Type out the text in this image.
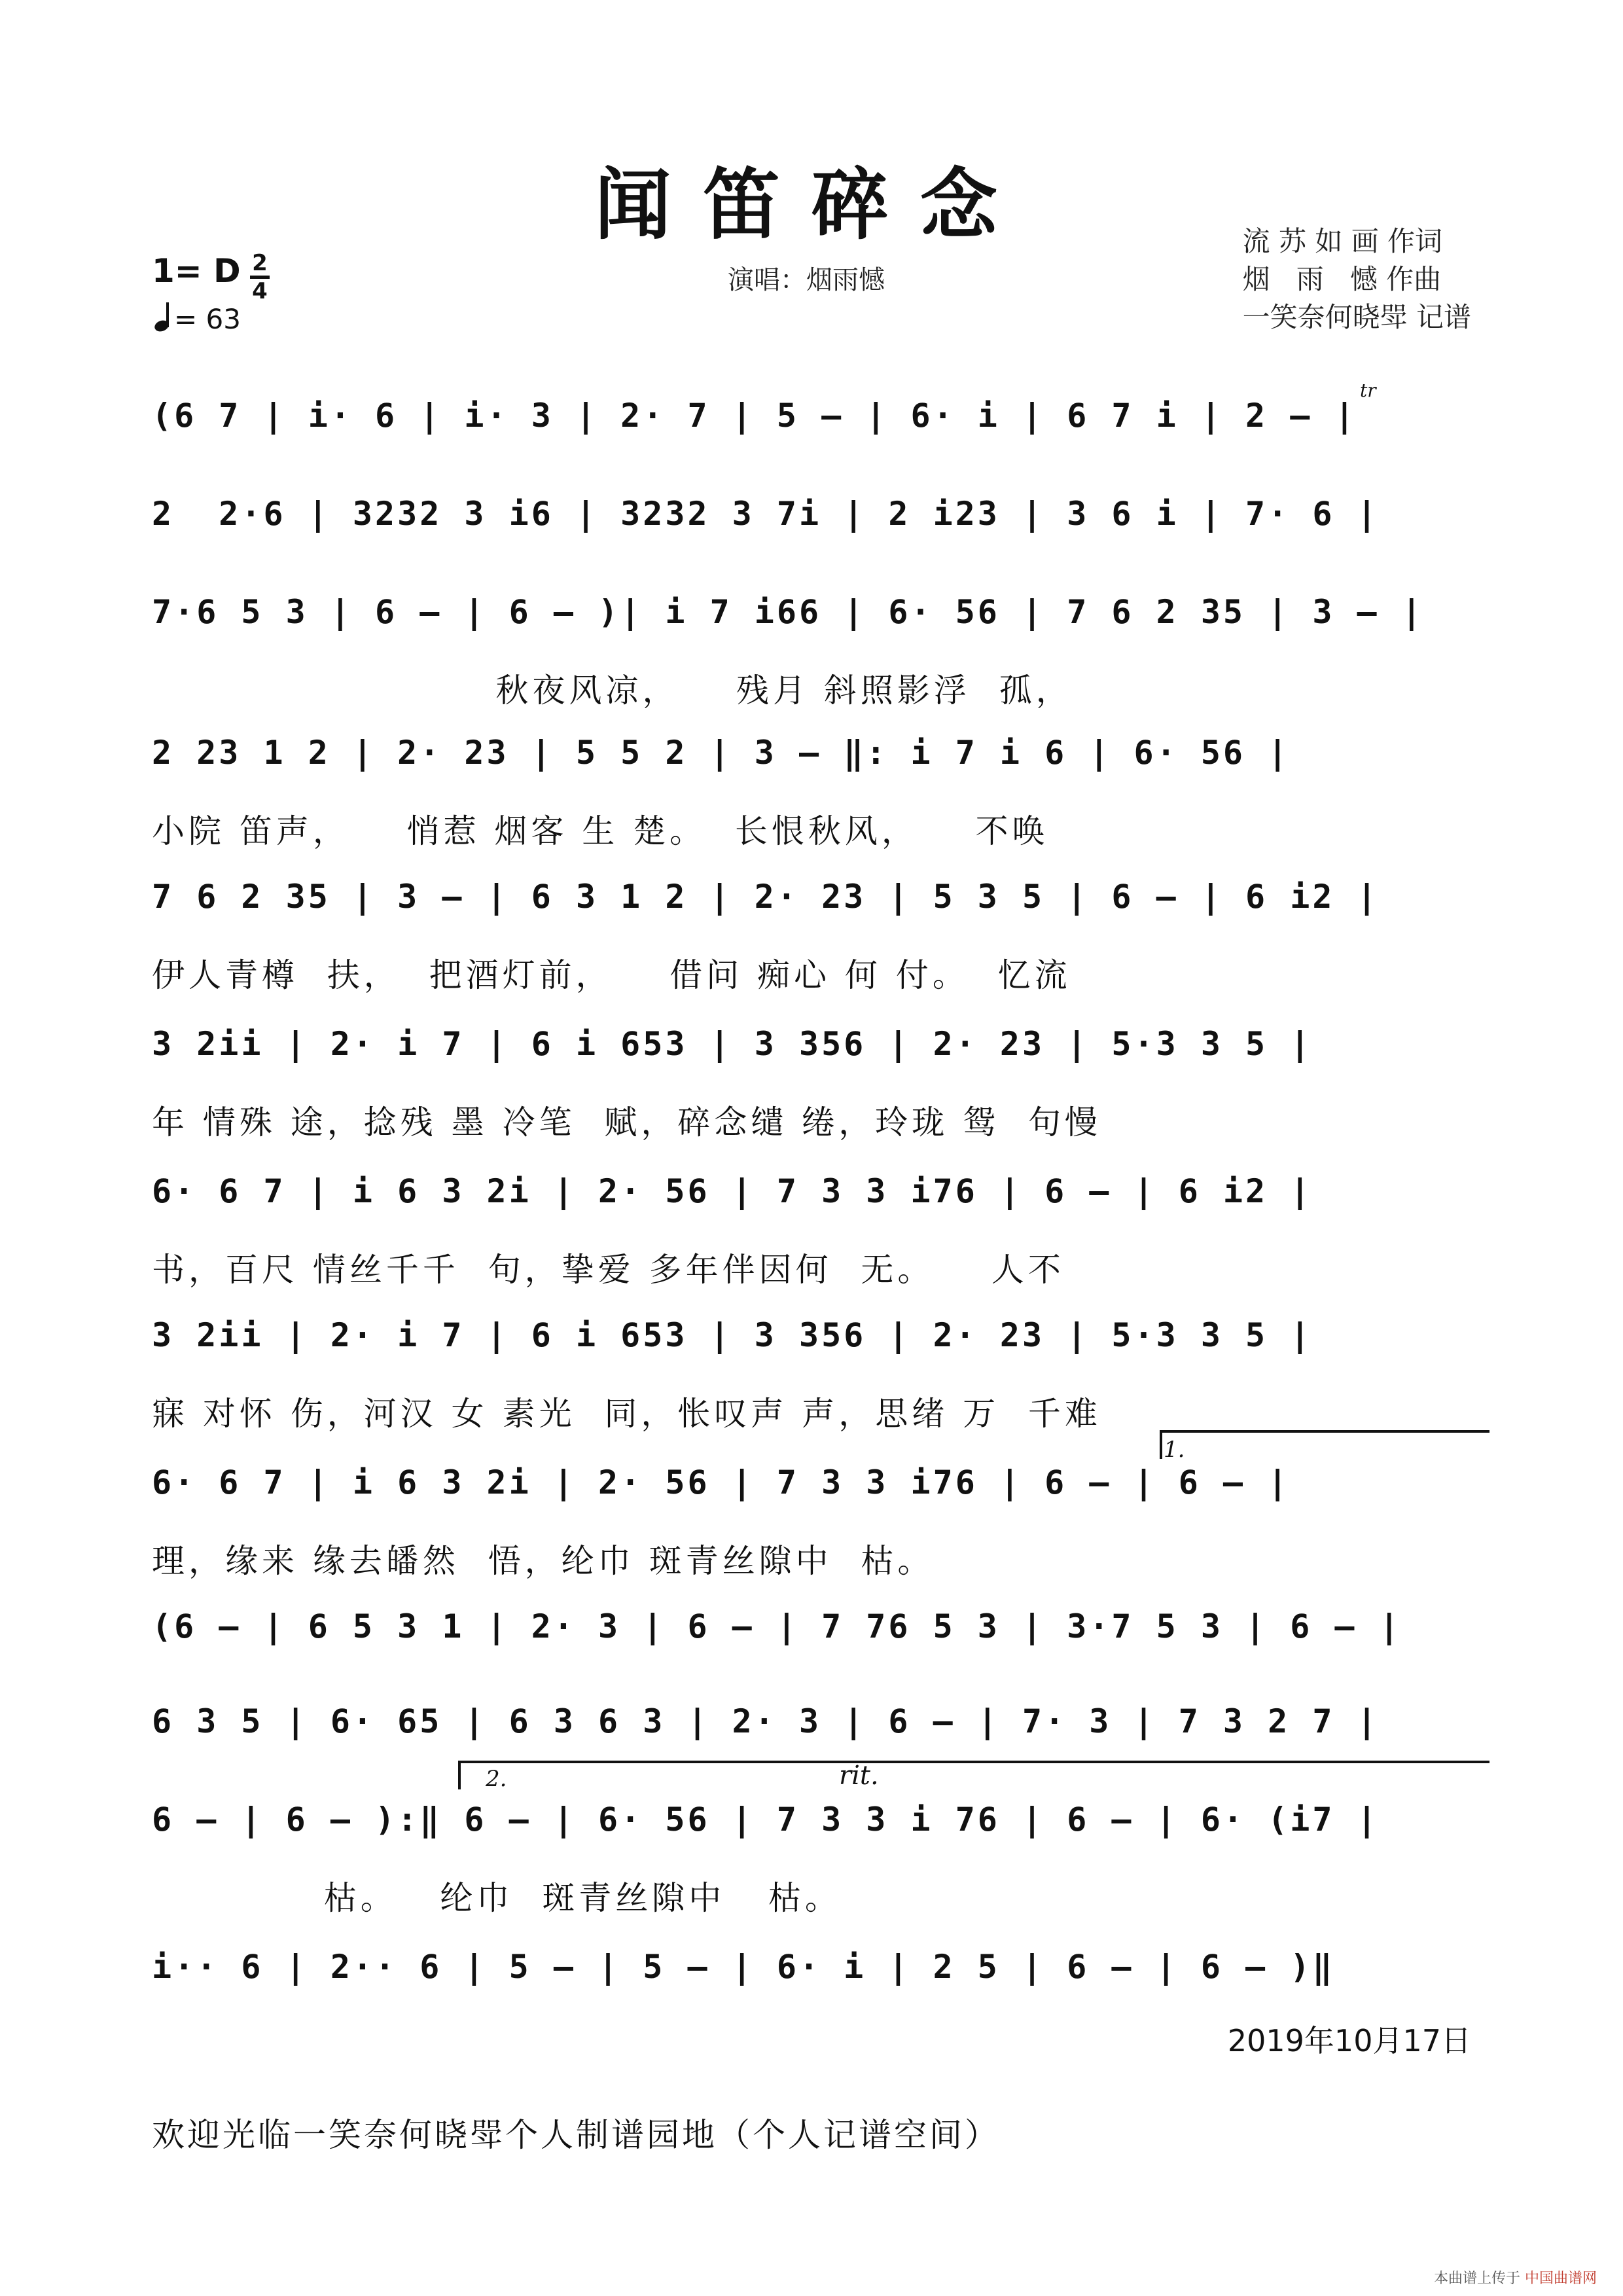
闻笛碎念
1= D 2
4
= 63
演唱：烟雨憾
流 苏 如 画 作词
烟   雨   憾 作曲
一笑奈何晓斝 记谱
(6 7 | i· 6 | i· 3 | 2· 7 | 5 – | 6· i | 6 7 i | 2 – |
2  2·6 | 3232 3 i6 | 3232 3 7i | 2 i23 | 3 6 i | 7· 6 |
7·6 5 3 | 6 – | 6 – )| i 7 i66 | 6· 56 | 7 6 2 35 | 3 – |
秋夜风凉，    残月 斜照影浮  孤，
2 23 1 2 | 2· 23 | 5 5 2 | 3 – ‖: i 7 i 6 | 6· 56 |
小院 笛声，    悄惹 烟客 生 楚。  长恨秋风，    不唤
7 6 2 35 | 3 – | 6 3 1 2 | 2· 23 | 5 3 5 | 6 – | 6 i2 |
伊人青樽  扶，  把酒灯前，    借问 痴心 何 付。  忆流
3 2ii | 2· i 7 | 6 i 653 | 3 356 | 2· 23 | 5·3 3 5 |
年 情殊 途，捻残 墨 冷笔  赋，碎念缱 绻，玲珑 鸳  句慢
6· 6 7 | i 6 3 2i | 2· 56 | 7 3 3 i76 | 6 – | 6 i2 |
书，百尺 情丝千千  句，挚爱 多年伴因何  无。    人不
3 2ii | 2· i 7 | 6 i 653 | 3 356 | 2· 23 | 5·3 3 5 |
寐 对怀 伤，河汉 女 素光  同，怅叹声 声，思绪 万  千难
6· 6 7 | i 6 3 2i | 2· 56 | 7 3 3 i76 | 6 – | 6 – |
理，缘来 缘去皤然  悟，纶巾 斑青丝隙中  枯。
(6 – | 6 5 3 1 | 2· 3 | 6 – | 7 76 5 3 | 3·7 5 3 | 6 – |
6 3 5 | 6· 65 | 6 3 6 3 | 2· 3 | 6 – | 7· 3 | 7 3 2 7 |
6 – | 6 – ):‖ 6 – | 6· 56 | 7 3 3 i 76 | 6 – | 6· (i7 |
枯。   纶巾  斑青丝隙中   枯。
i·· 6 | 2·· 6 | 5 – | 5 – | 6· i | 2 5 | 6 – | 6 – )‖
1.
2.	rit.
tr
2019年10月17日
欢迎光临一笑奈何晓斝个人制谱园地（个人记谱空间）
本曲谱上传于 中国曲谱网
